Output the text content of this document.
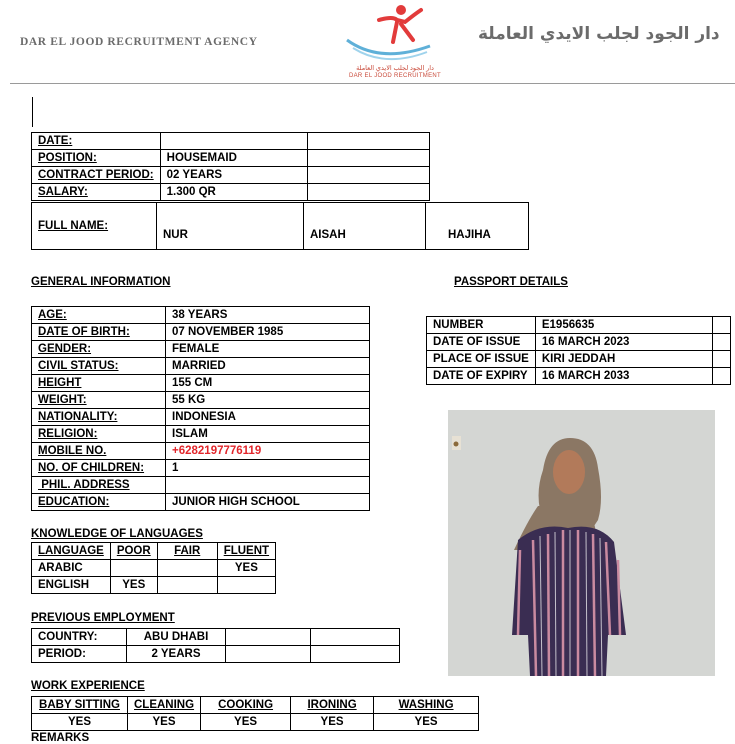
DAR EL JOOD RECRUITMENT AGENCY
دار الجود لجلب الايدي العاملة
DAR EL JOOD RECRUITMENT
دار الجود لجلب الايدي العاملة
DATE:		
POSITION:	HOUSEMAID	
CONTRACT PERIOD:	02 YEARS	
SALARY:	1.300 QR	
FULL NAME:	NUR	AISAH	HAJIHA
GENERAL INFORMATION	PASSPORT DETAILS
AGE:	38 YEARS
DATE OF BIRTH:	07 NOVEMBER 1985
GENDER:	FEMALE
CIVIL STATUS:	MARRIED
HEIGHT	155 CM
WEIGHT:	55 KG
NATIONALITY:	INDONESIA
RELIGION:	ISLAM
MOBILE NO.	+6282197776119
NO. OF CHILDREN:	1
PHIL. ADDRESS	
EDUCATION:	JUNIOR HIGH SCHOOL
NUMBER	E1956635	
DATE OF ISSUE	16 MARCH 2023	
PLACE OF ISSUE	KIRI JEDDAH	
DATE OF EXPIRY	16 MARCH 2033	
KNOWLEDGE OF LANGUAGES
LANGUAGE	POOR	FAIR	FLUENT
ARABIC			YES
ENGLISH	YES		
PREVIOUS EMPLOYMENT
COUNTRY:	ABU DHABI		
PERIOD:	2 YEARS		
WORK EXPERIENCE
BABY SITTING	CLEANING	COOKING	IRONING	WASHING
YES	YES	YES	YES	YES
REMARKS
